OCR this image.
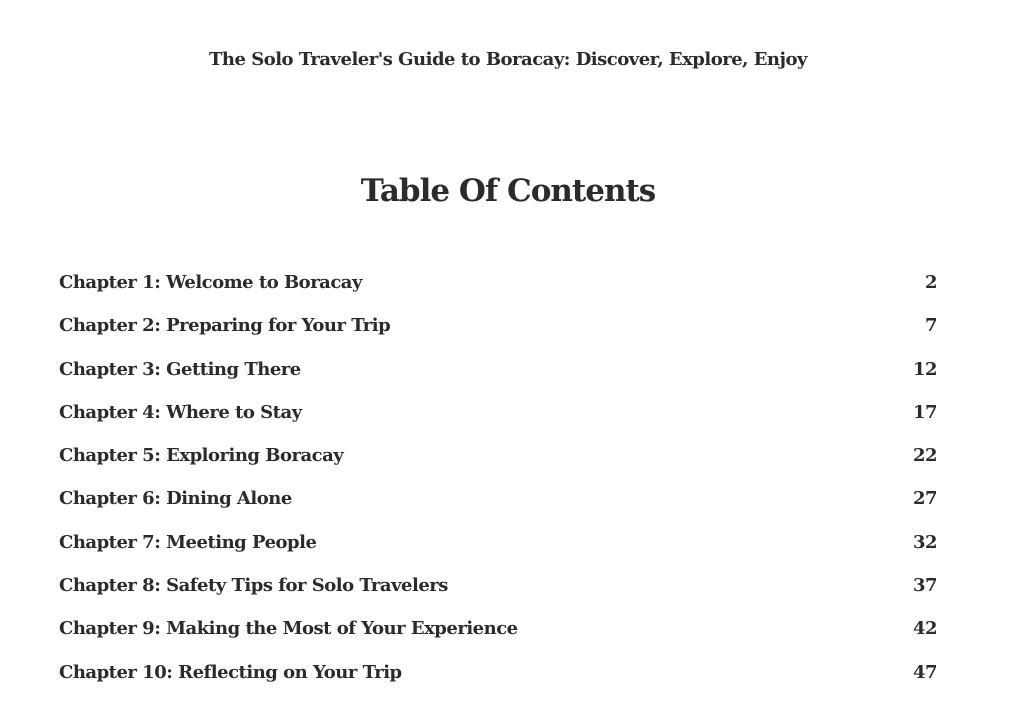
The Solo Traveler's Guide to Boracay: Discover, Explore, Enjoy
Table Of Contents
Chapter 1: Welcome to Boracay	2
Chapter 2: Preparing for Your Trip	7
Chapter 3: Getting There	12
Chapter 4: Where to Stay	17
Chapter 5: Exploring Boracay	22
Chapter 6: Dining Alone	27
Chapter 7: Meeting People	32
Chapter 8: Safety Tips for Solo Travelers	37
Chapter 9: Making the Most of Your Experience	42
Chapter 10: Reflecting on Your Trip	47
